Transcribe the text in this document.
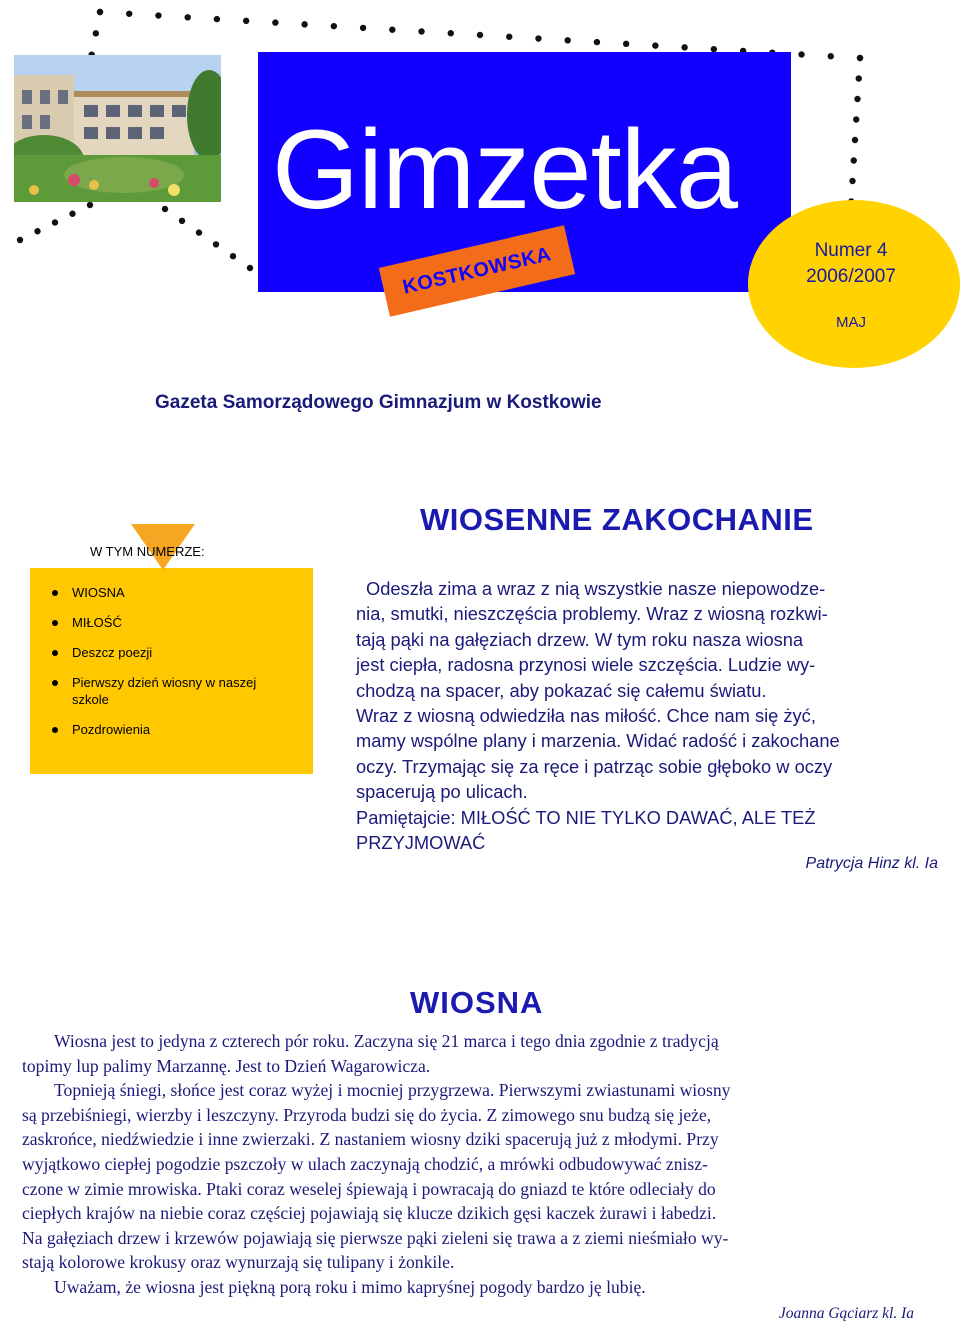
Gimzetka
KOSTKOWSKA	Numer 4
2006/2007
MAJ
Gazeta Samorządowego Gimnazjum w Kostkowie
W TYM NUMERZE:
WIOSNA
MIŁOŚĆ
Deszcz poezji
Pierwszy dzień wiosny w naszej szkole
Pozdrowienia
WIOSENNE ZAKOCHANIE

Odeszła zima a wraz z nią wszystkie nasze niepowodze-

nia, smutki, nieszczęścia problemy. Wraz z wiosną rozkwi-

tają pąki na gałęziach drzew. W tym roku nasza wiosna

jest ciepła, radosna przynosi wiele szczęścia. Ludzie wy-

chodzą na spacer, aby pokazać się całemu światu.

Wraz z wiosną odwiedziła nas miłość. Chce nam się żyć,

mamy wspólne plany i marzenia. Widać radość i zakochane

oczy. Trzymając się za ręce i patrząc sobie głęboko w oczy

spacerują po ulicach.

Pamiętajcie: MIŁOŚĆ TO NIE TYLKO DAWAĆ, ALE TEŻ

PRZYJMOWAĆ

Patrycja Hinz kl. Ia
WIOSNA

Wiosna jest to jedyna z czterech pór roku. Zaczyna się 21 marca i tego dnia zgodnie z tradycją

topimy lup palimy Marzannę. Jest to Dzień Wagarowicza.

Topnieją śniegi, słońce jest coraz wyżej i mocniej przygrzewa. Pierwszymi zwiastunami wiosny

są przebiśniegi, wierzby i leszczyny. Przyroda budzi się do życia. Z zimowego snu budzą się jeże,

zaskrońce, niedźwiedzie i inne zwierzaki. Z nastaniem wiosny dziki spacerują już z młodymi. Przy

wyjątkowo ciepłej pogodzie pszczoły w ulach zaczynają chodzić, a mrówki odbudowywać znisz-

czone w zimie mrowiska. Ptaki coraz weselej śpiewają i powracają do gniazd te które odleciały do

ciepłych krajów na niebie coraz częściej pojawiają się klucze dzikich gęsi kaczek żurawi i łabedzi.

Na gałęziach drzew i krzewów pojawiają się pierwsze pąki zieleni się trawa a z ziemi nieśmiało wy-

stają kolorowe krokusy oraz wynurzają się tulipany i żonkile.

Uważam, że wiosna jest piękną porą roku i mimo kapryśnej pogody bardzo ję lubię.

Joanna Gąciarz kl. Ia
